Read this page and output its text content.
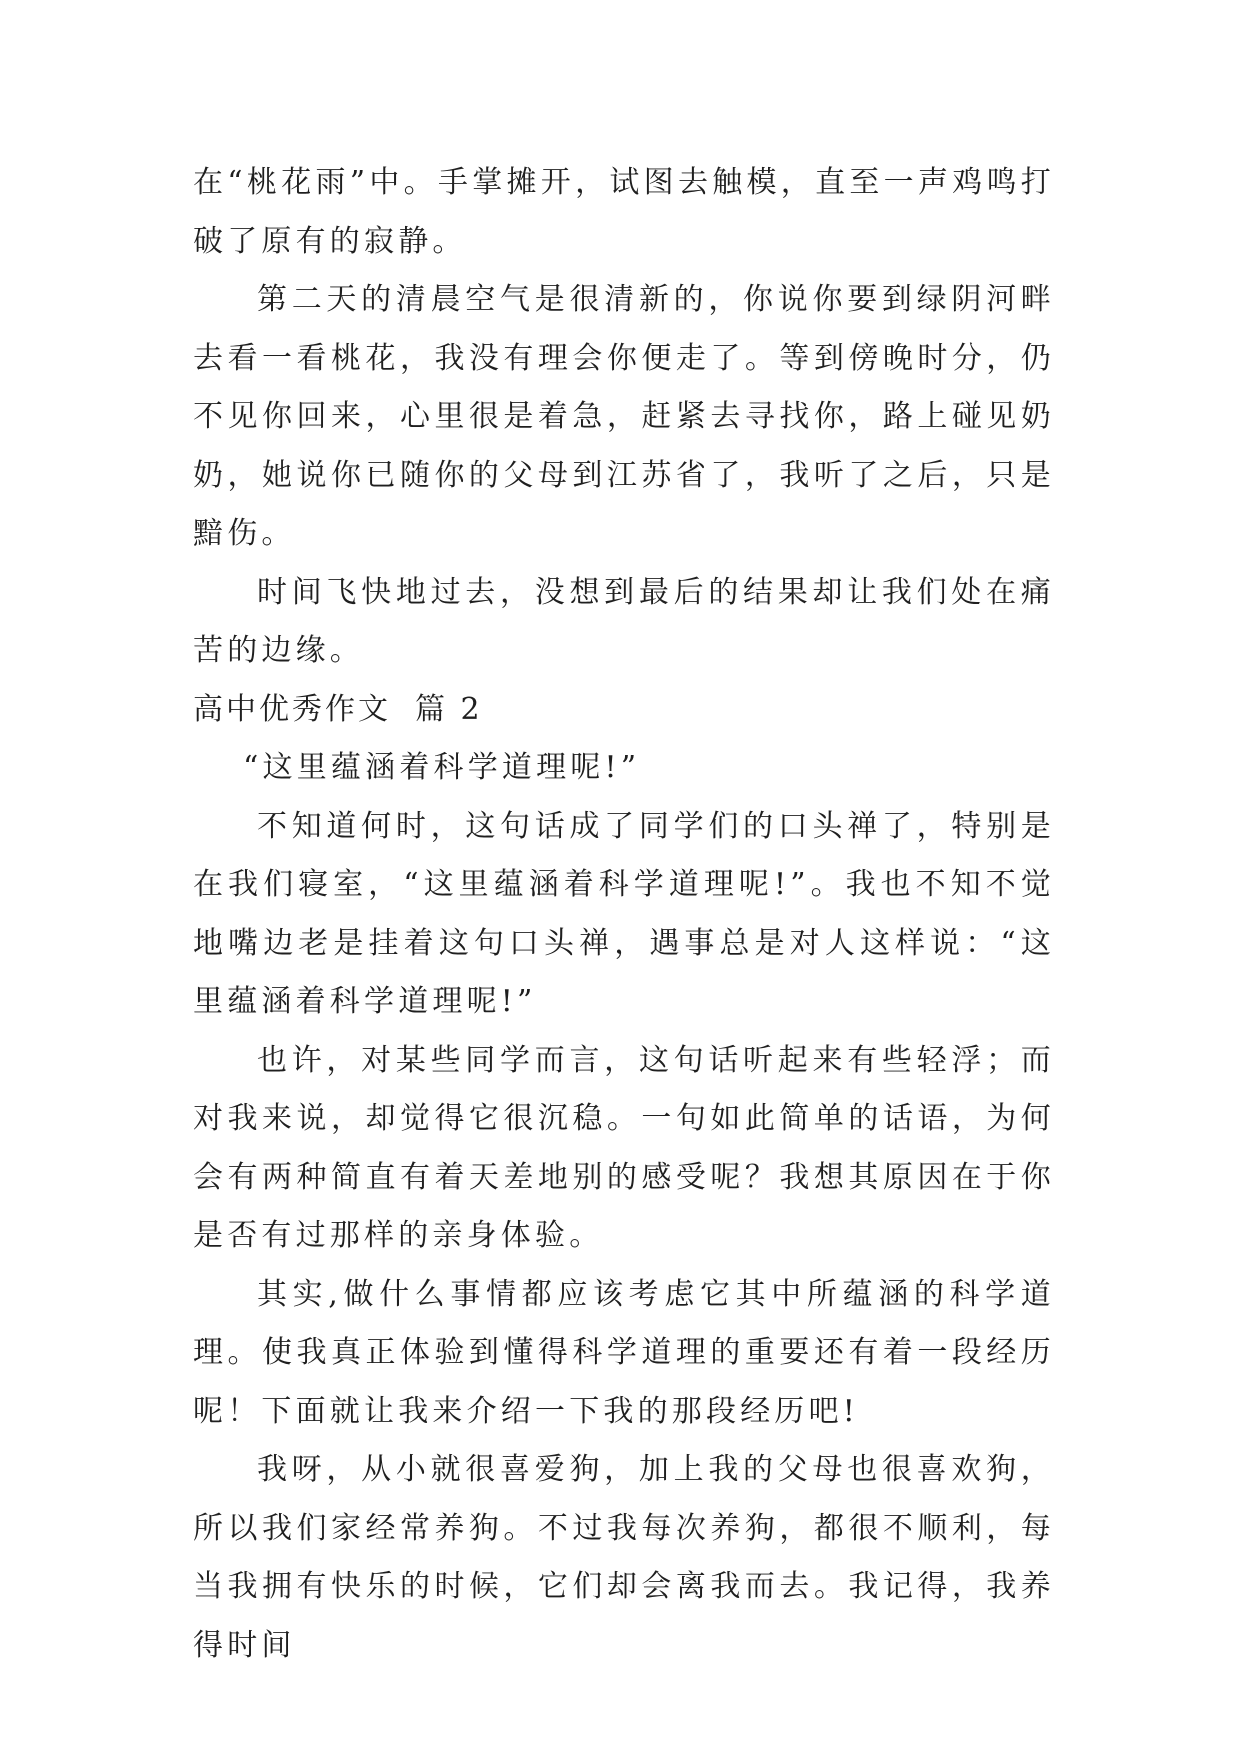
在“桃花雨”中。手掌摊开，试图去触模，直至一声鸡鸣打破了原有的寂静。

第二天的清晨空气是很清新的，你说你要到绿阴河畔去看一看桃花，我没有理会你便走了。等到傍晚时分，仍不见你回来，心里很是着急，赶紧去寻找你，路上碰见奶奶，她说你已随你的父母到江苏省了，我听了之后，只是黯伤。

时间飞快地过去，没想到最后的结果却让我们处在痛苦的边缘。

高中优秀作文 篇 2

“这里蕴涵着科学道理呢!”

不知道何时，这句话成了同学们的口头禅了，特别是在我们寝室，“这里蕴涵着科学道理呢!”。我也不知不觉地嘴边老是挂着这句口头禅，遇事总是对人这样说：“这里蕴涵着科学道理呢!”

也许，对某些同学而言，这句话听起来有些轻浮；而对我来说，却觉得它很沉稳。一句如此简单的话语，为何会有两种简直有着天差地别的感受呢？我想其原因在于你是否有过那样的亲身体验。

其实,做什么事情都应该考虑它其中所蕴涵的科学道理。使我真正体验到懂得科学道理的重要还有着一段经历呢！下面就让我来介绍一下我的那段经历吧!

我呀，从小就很喜爱狗，加上我的父母也很喜欢狗，所以我们家经常养狗。不过我每次养狗，都很不顺利，每当我拥有快乐的时候，它们却会离我而去。我记得，我养得时间
